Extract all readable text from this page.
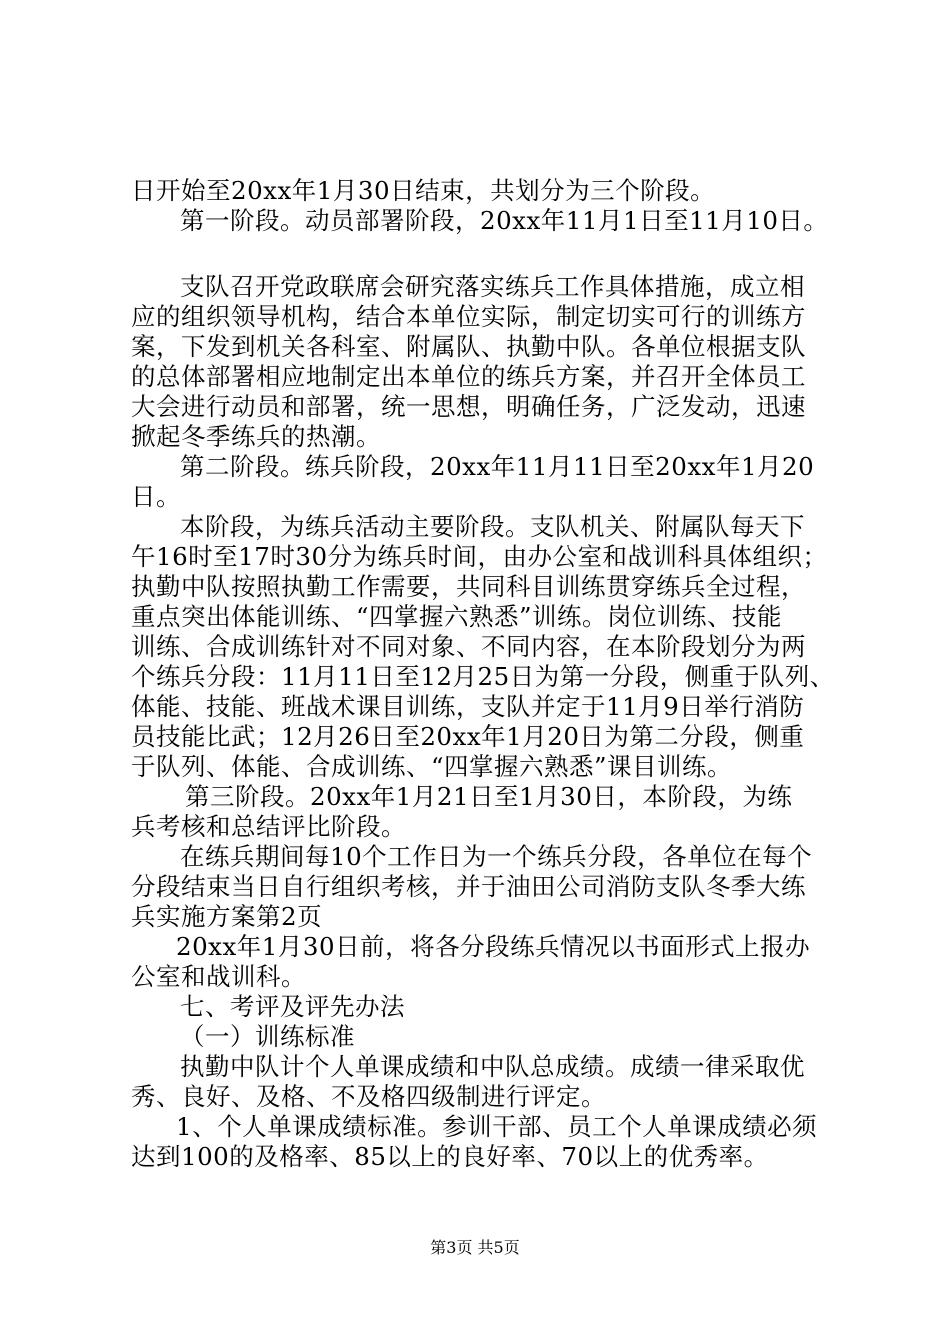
日开始至20xx年1月30日结束，共划分为三个阶段。
第一阶段。动员部署阶段，20xx年11月1日至11月10日。
支队召开党政联席会研究落实练兵工作具体措施，成立相
应的组织领导机构，结合本单位实际，制定切实可行的训练方
案，下发到机关各科室、附属队、执勤中队。各单位根据支队
的总体部署相应地制定出本单位的练兵方案，并召开全体员工
大会进行动员和部署，统一思想，明确任务，广泛发动，迅速
掀起冬季练兵的热潮。
第二阶段。练兵阶段，20xx年11月11日至20xx年1月20
日。
本阶段，为练兵活动主要阶段。支队机关、附属队每天下
午16时至17时30分为练兵时间，由办公室和战训科具体组织；
执勤中队按照执勤工作需要，共同科目训练贯穿练兵全过程，
重点突出体能训练、“四掌握六熟悉”训练。岗位训练、技能
训练、合成训练针对不同对象、不同内容，在本阶段划分为两
个练兵分段：11月11日至12月25日为第一分段，侧重于队列、
体能、技能、班战术课目训练，支队并定于11月9日举行消防
员技能比武；12月26日至20xx年1月20日为第二分段，侧重
于队列、体能、合成训练、“四掌握六熟悉”课目训练。
第三阶段。20xx年1月21日至1月30日，本阶段，为练
兵考核和总结评比阶段。
在练兵期间每10个工作日为一个练兵分段，各单位在每个
分段结束当日自行组织考核，并于油田公司消防支队冬季大练
兵实施方案第2页
20xx年1月30日前，将各分段练兵情况以书面形式上报办
公室和战训科。
七、考评及评先办法
（一）训练标准
执勤中队计个人单课成绩和中队总成绩。成绩一律采取优
秀、良好、及格、不及格四级制进行评定。
1、个人单课成绩标准。参训干部、员工个人单课成绩必须
达到100的及格率、85以上的良好率、70以上的优秀率。
第3页 共5页
